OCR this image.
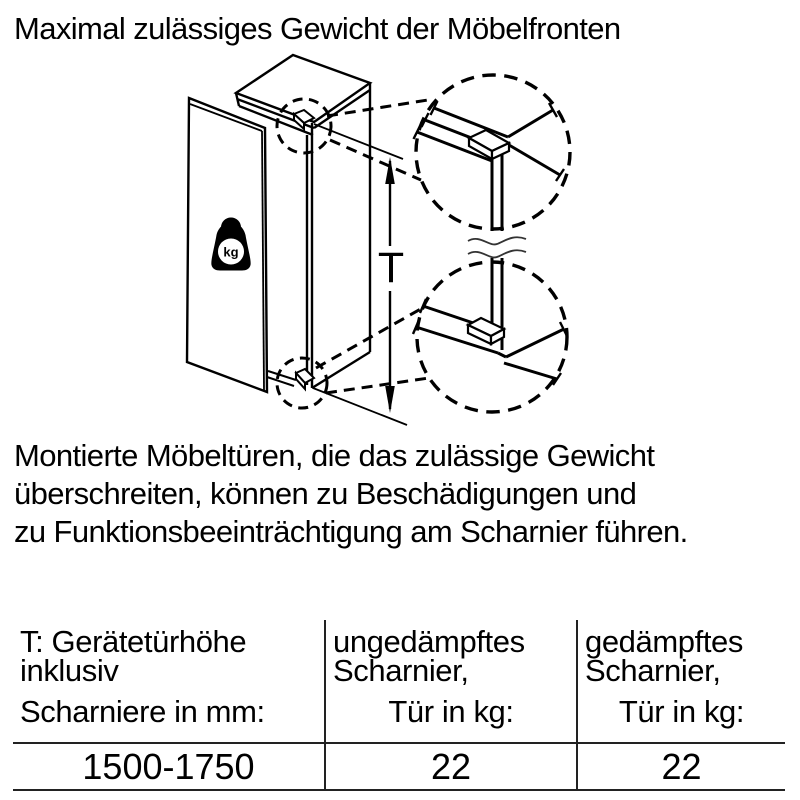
Maximal zulässiges Gewicht der Möbelfronten
kg	T

Montierte Möbeltüren, die das zulässige Gewicht
überschreiten, können zu Beschädigungen und
zu Funktionsbeeinträchtigung am Scharnier führen.

T: Gerätetürhöhe
inklusiv
Scharniere in mm:

ungedämpftes
Scharnier,
Tür in kg:

gedämpftes
Scharnier,
Tür in kg:

1500-1750	22	22
